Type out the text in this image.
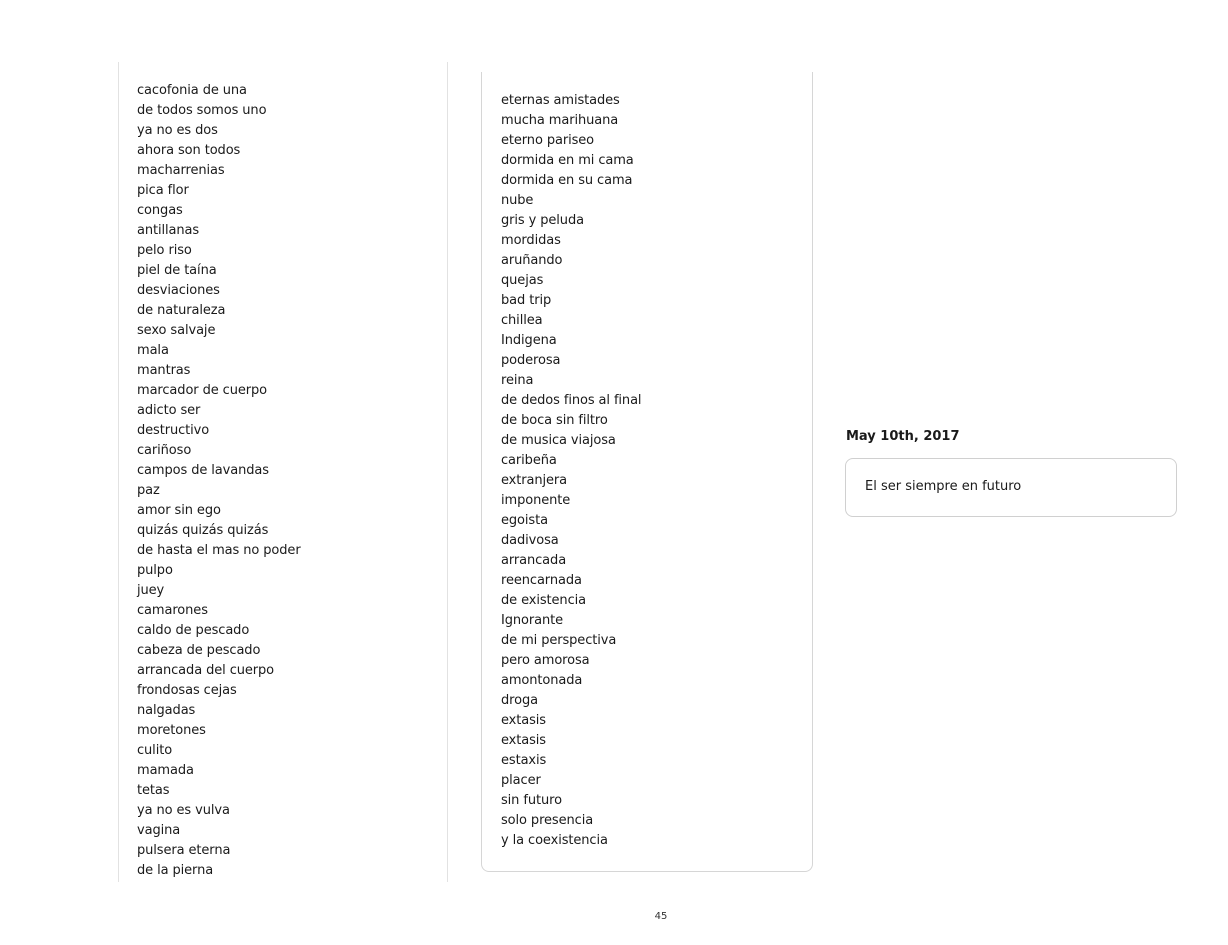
cacofonia de una
de todos somos uno
ya no es dos
ahora son todos
macharrenias
pica flor
congas
antillanas
pelo riso
piel de taína
desviaciones
de naturaleza
sexo salvaje
mala
mantras
marcador de cuerpo
adicto ser
destructivo
cariñoso
campos de lavandas
paz
amor sin ego
quizás quizás quizás
de hasta el mas no poder
pulpo
juey
camarones
caldo de pescado
cabeza de pescado
arrancada del cuerpo
frondosas cejas
nalgadas
moretones
culito
mamada
tetas
ya no es vulva
vagina
pulsera eterna
de la pierna
eternas amistades
mucha marihuana
eterno pariseo
dormida en mi cama
dormida en su cama
nube
gris y peluda
mordidas
aruñando
quejas
bad trip
chillea
Indigena
poderosa
reina
de dedos finos al final
de boca sin filtro
de musica viajosa
caribeña
extranjera
imponente
egoista
dadivosa
arrancada
reencarnada
de existencia
Ignorante
de mi perspectiva
pero amorosa
amontonada
droga
extasis
extasis
estaxis
placer
sin futuro
solo presencia
y la coexistencia
May 10th, 2017
El ser siempre en futuro
45
